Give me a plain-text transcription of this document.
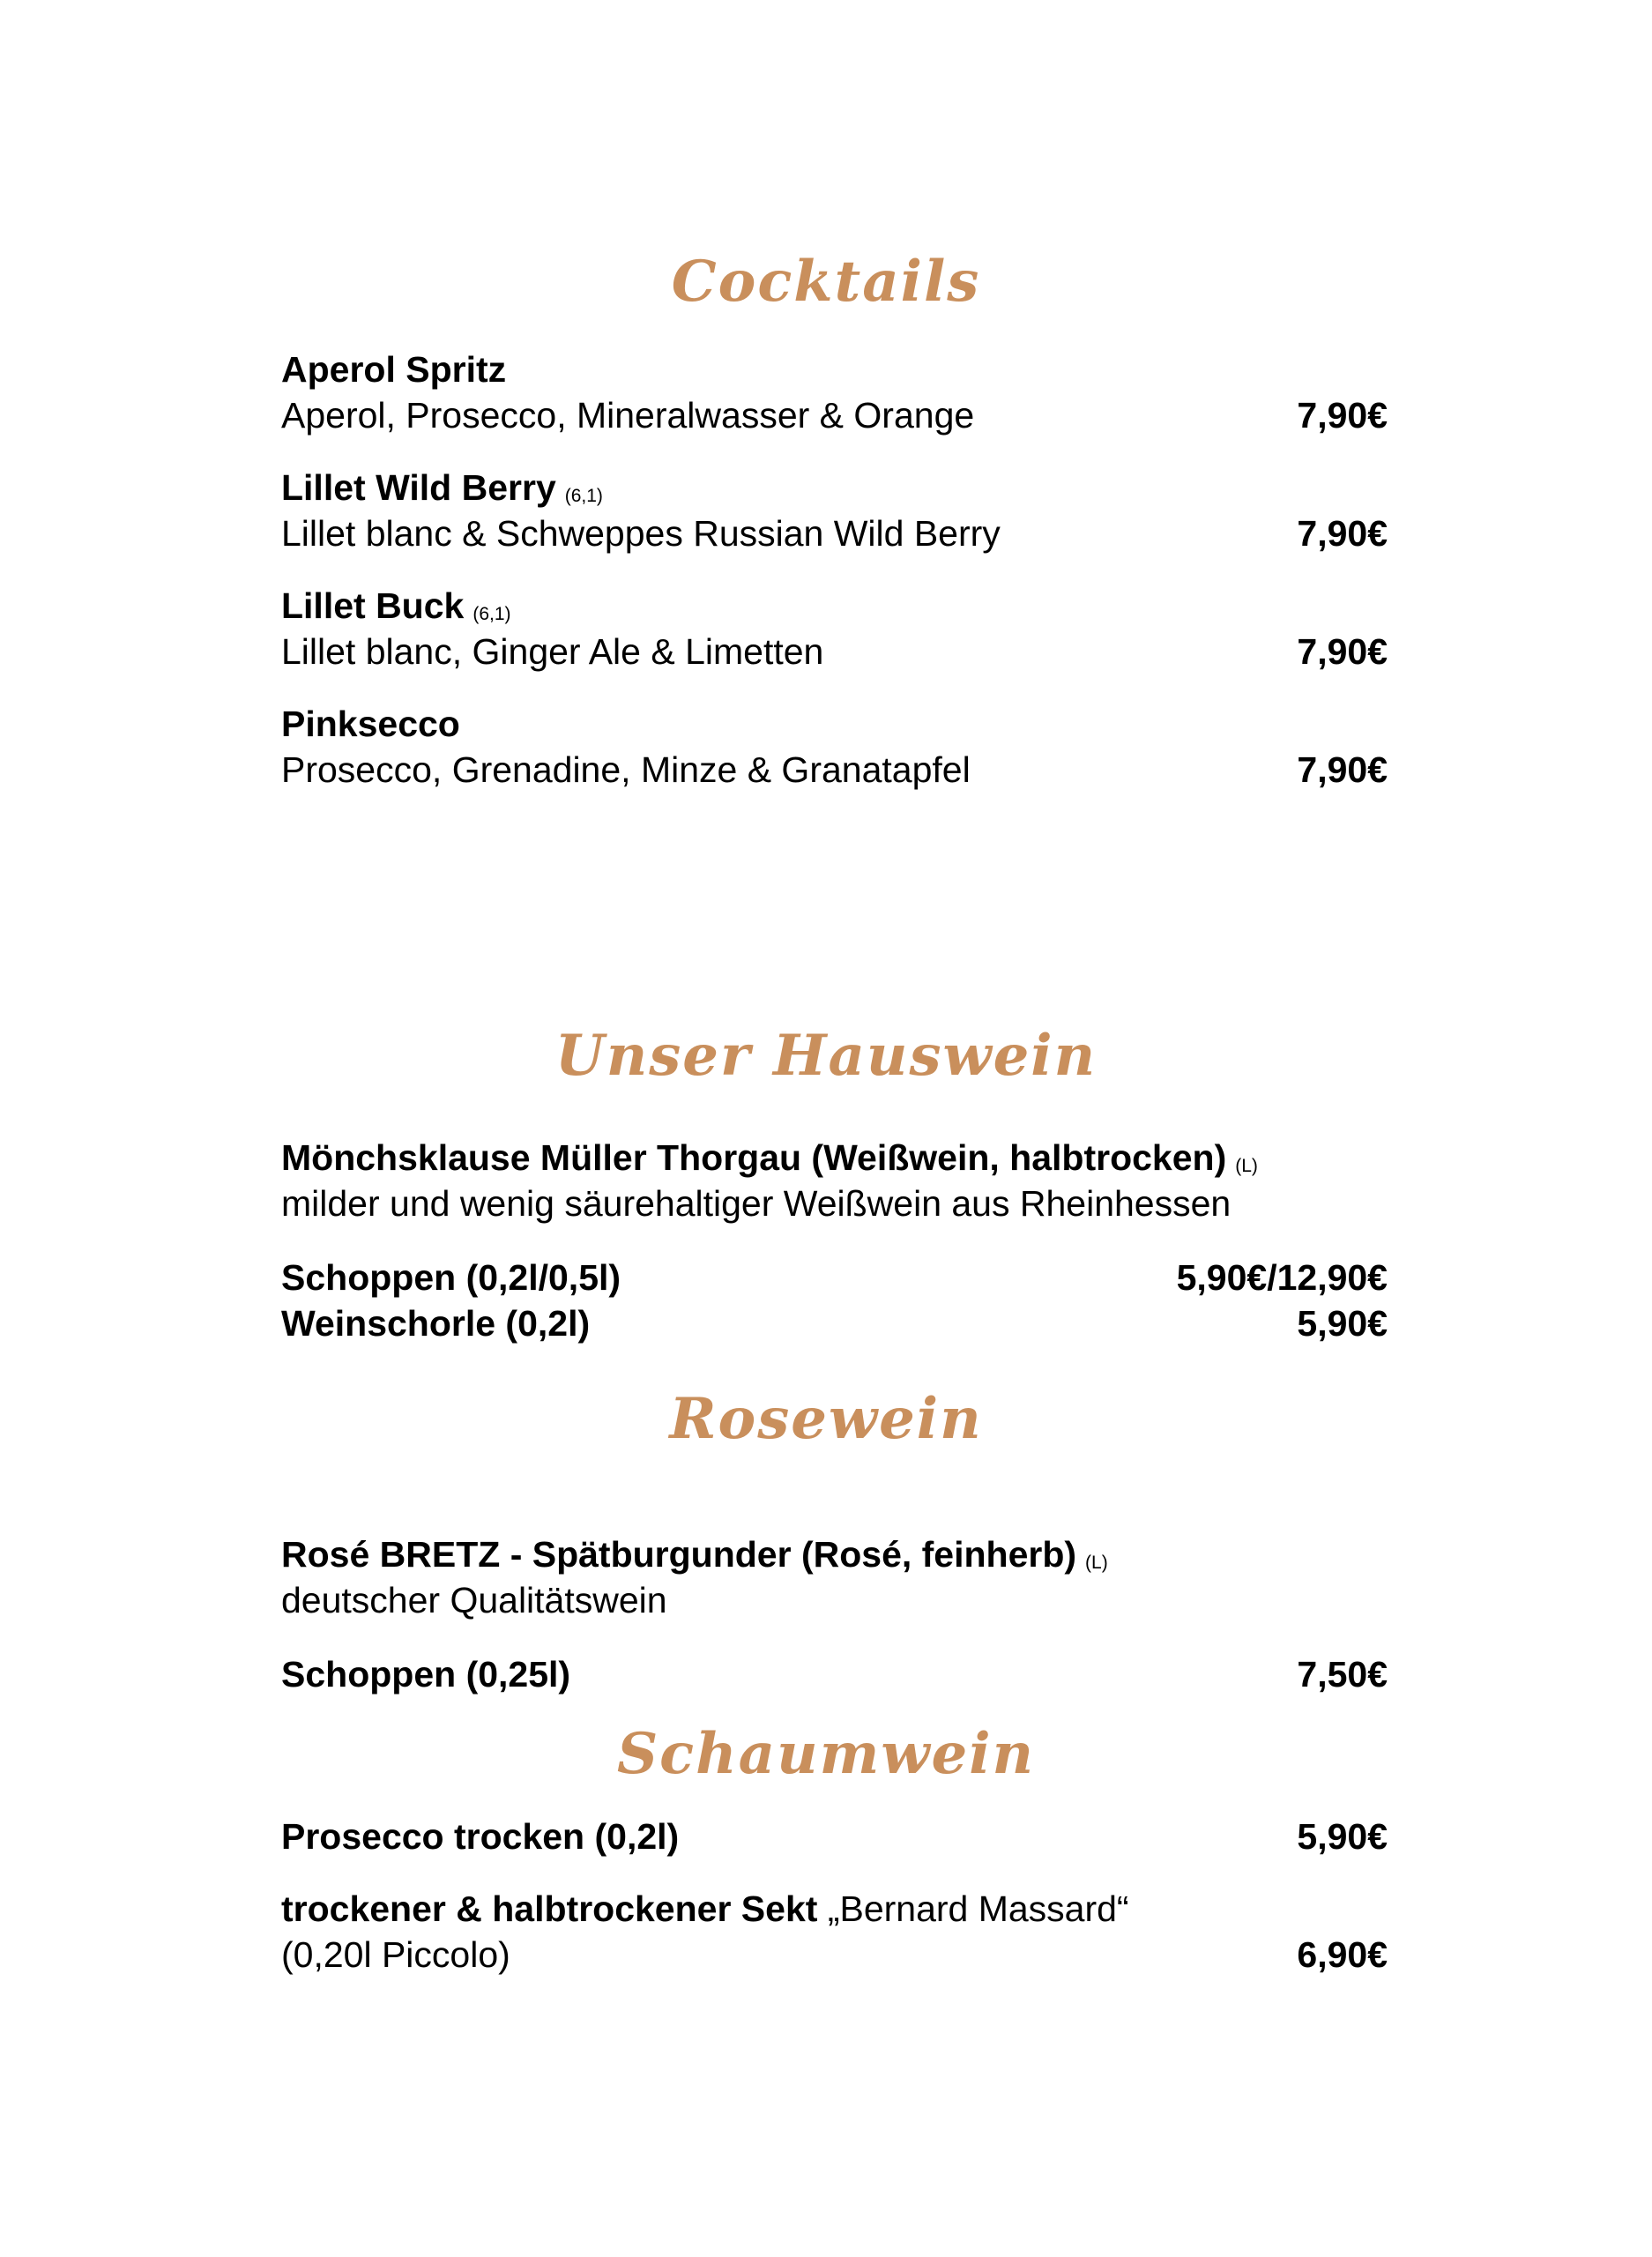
Cocktails
Aperol Spritz
Aperol, Prosecco, Mineralwasser & Orange	7,90€
Lillet Wild Berry (6,1)
Lillet blanc & Schweppes Russian Wild Berry	7,90€
Lillet Buck (6,1)
Lillet blanc, Ginger Ale & Limetten	7,90€
Pinksecco
Prosecco, Grenadine, Minze & Granatapfel	7,90€
Unser Hauswein
Mönchsklause Müller Thorgau (Weißwein, halbtrocken) (L)
milder und wenig säurehaltiger Weißwein aus Rheinhessen
Schoppen (0,2l/0,5l)	5,90€/12,90€
Weinschorle (0,2l)	5,90€
Rosewein
Rosé BRETZ - Spätburgunder (Rosé, feinherb) (L)
deutscher Qualitätswein
Schoppen (0,25l)	7,50€
Schaumwein
Prosecco trocken (0,2l)	5,90€
trockener & halbtrockener Sekt „Bernard Massard“
(0,20l Piccolo)	6,90€
